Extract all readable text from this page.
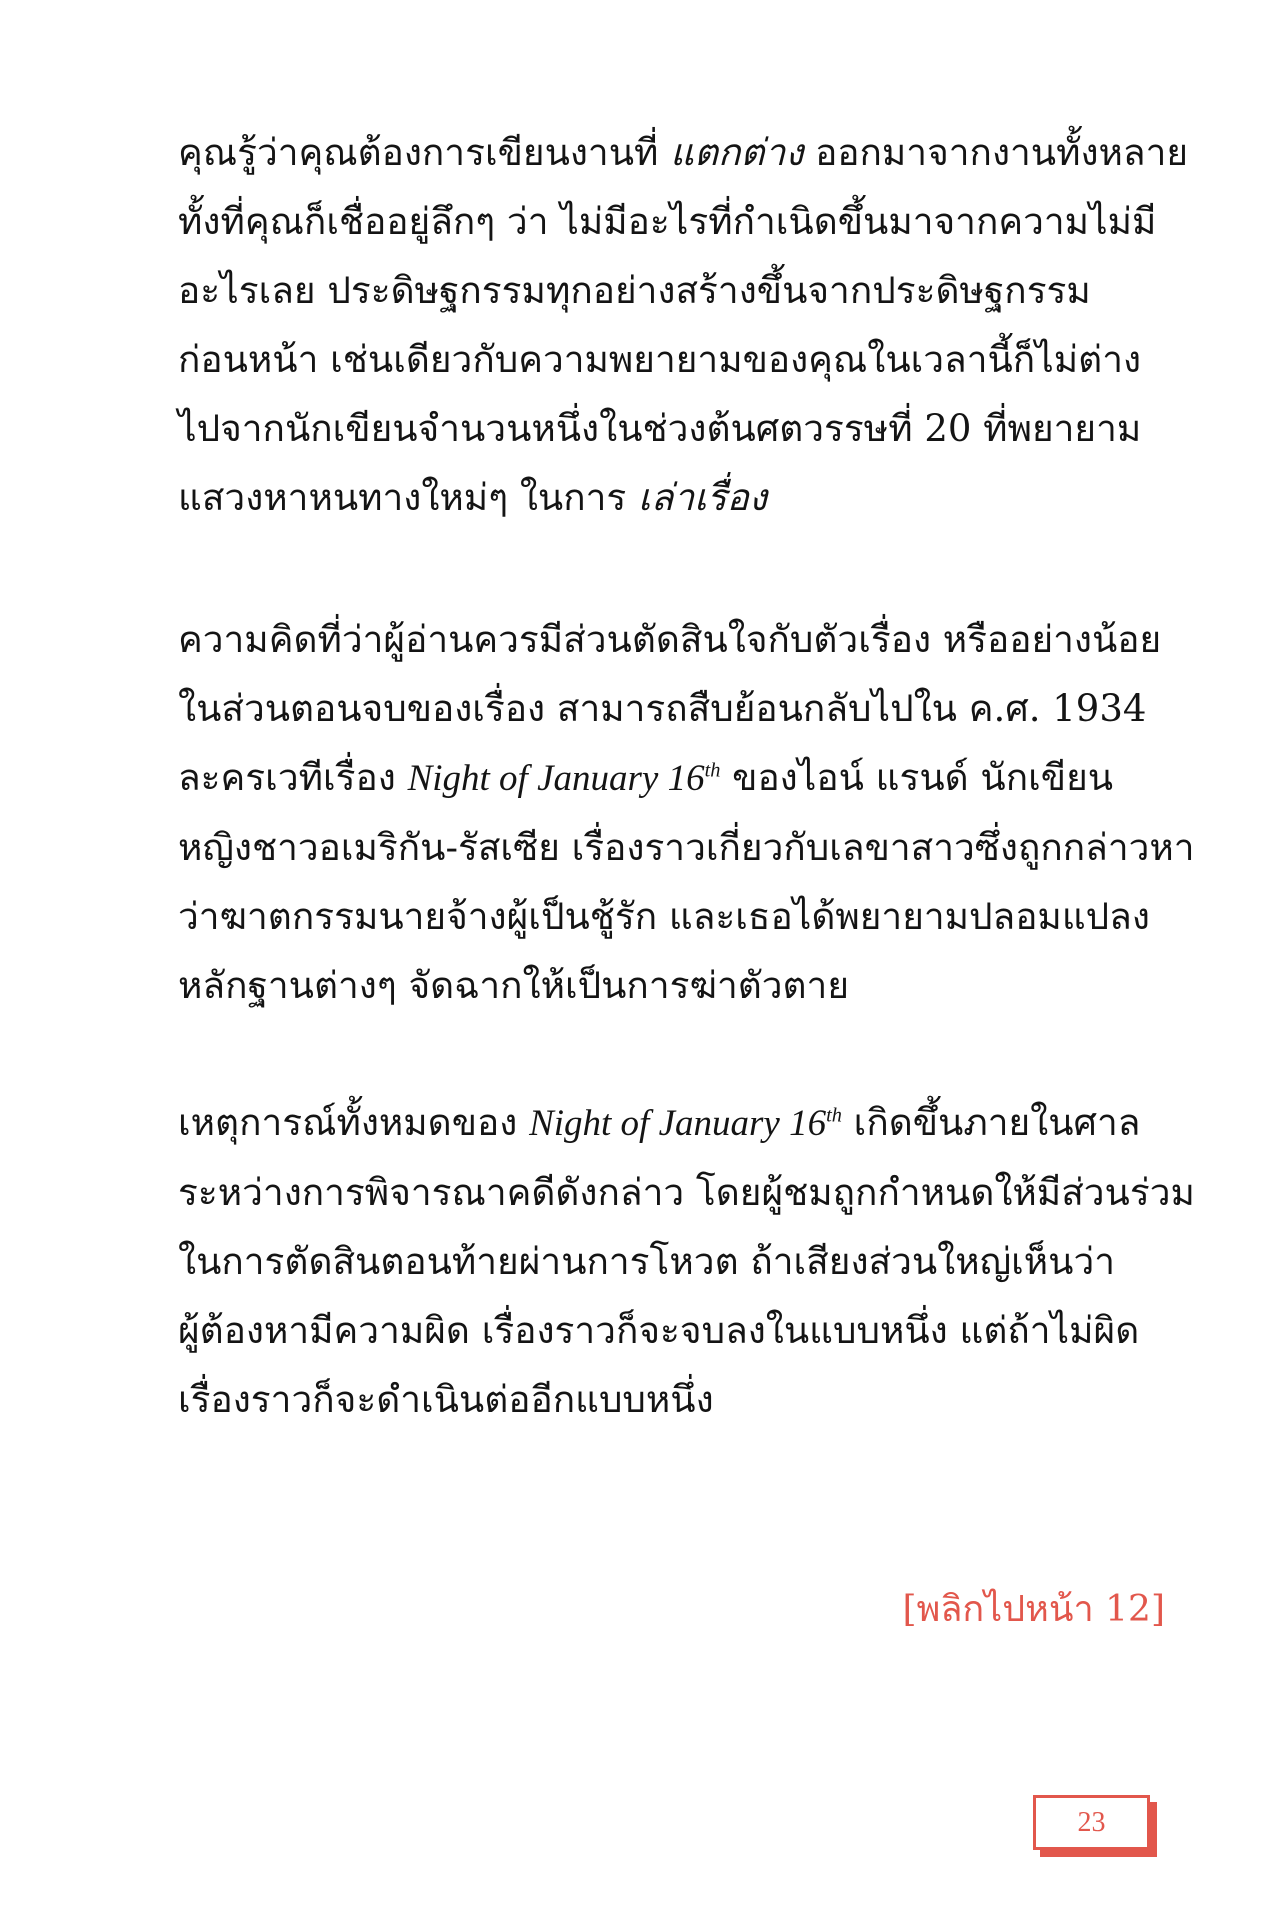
คุณรู้ว่าคุณต้องการเขียนงานที่ แตกต่าง ออกมาจากงานทั้งหลาย
ทั้งที่คุณก็เชื่ออยู่ลึกๆ ว่า ไม่มีอะไรที่กำเนิดขึ้นมาจากความไม่มี
อะไรเลย ประดิษฐกรรมทุกอย่างสร้างขึ้นจากประดิษฐกรรม
ก่อนหน้า เช่นเดียวกับความพยายามของคุณในเวลานี้ก็ไม่ต่าง
ไปจากนักเขียนจำนวนหนึ่งในช่วงต้นศตวรรษที่ 20 ที่พยายาม
แสวงหาหนทางใหม่ๆ ในการ เล่าเรื่อง
ความคิดที่ว่าผู้อ่านควรมีส่วนตัดสินใจกับตัวเรื่อง หรืออย่างน้อย
ในส่วนตอนจบของเรื่อง สามารถสืบย้อนกลับไปใน ค.ศ. 1934
ละครเวทีเรื่อง Night of January 16th ของไอน์ แรนด์ นักเขียน
หญิงชาวอเมริกัน-รัสเซีย เรื่องราวเกี่ยวกับเลขาสาวซึ่งถูกกล่าวหา
ว่าฆาตกรรมนายจ้างผู้เป็นชู้รัก และเธอได้พยายามปลอมแปลง
หลักฐานต่างๆ จัดฉากให้เป็นการฆ่าตัวตาย
เหตุการณ์ทั้งหมดของ Night of January 16th เกิดขึ้นภายในศาล
ระหว่างการพิจารณาคดีดังกล่าว โดยผู้ชมถูกกำหนดให้มีส่วนร่วม
ในการตัดสินตอนท้ายผ่านการโหวต ถ้าเสียงส่วนใหญ่เห็นว่า
ผู้ต้องหามีความผิด เรื่องราวก็จะจบลงในแบบหนึ่ง แต่ถ้าไม่ผิด
เรื่องราวก็จะดำเนินต่ออีกแบบหนึ่ง
[พลิกไปหน้า 12]
23
